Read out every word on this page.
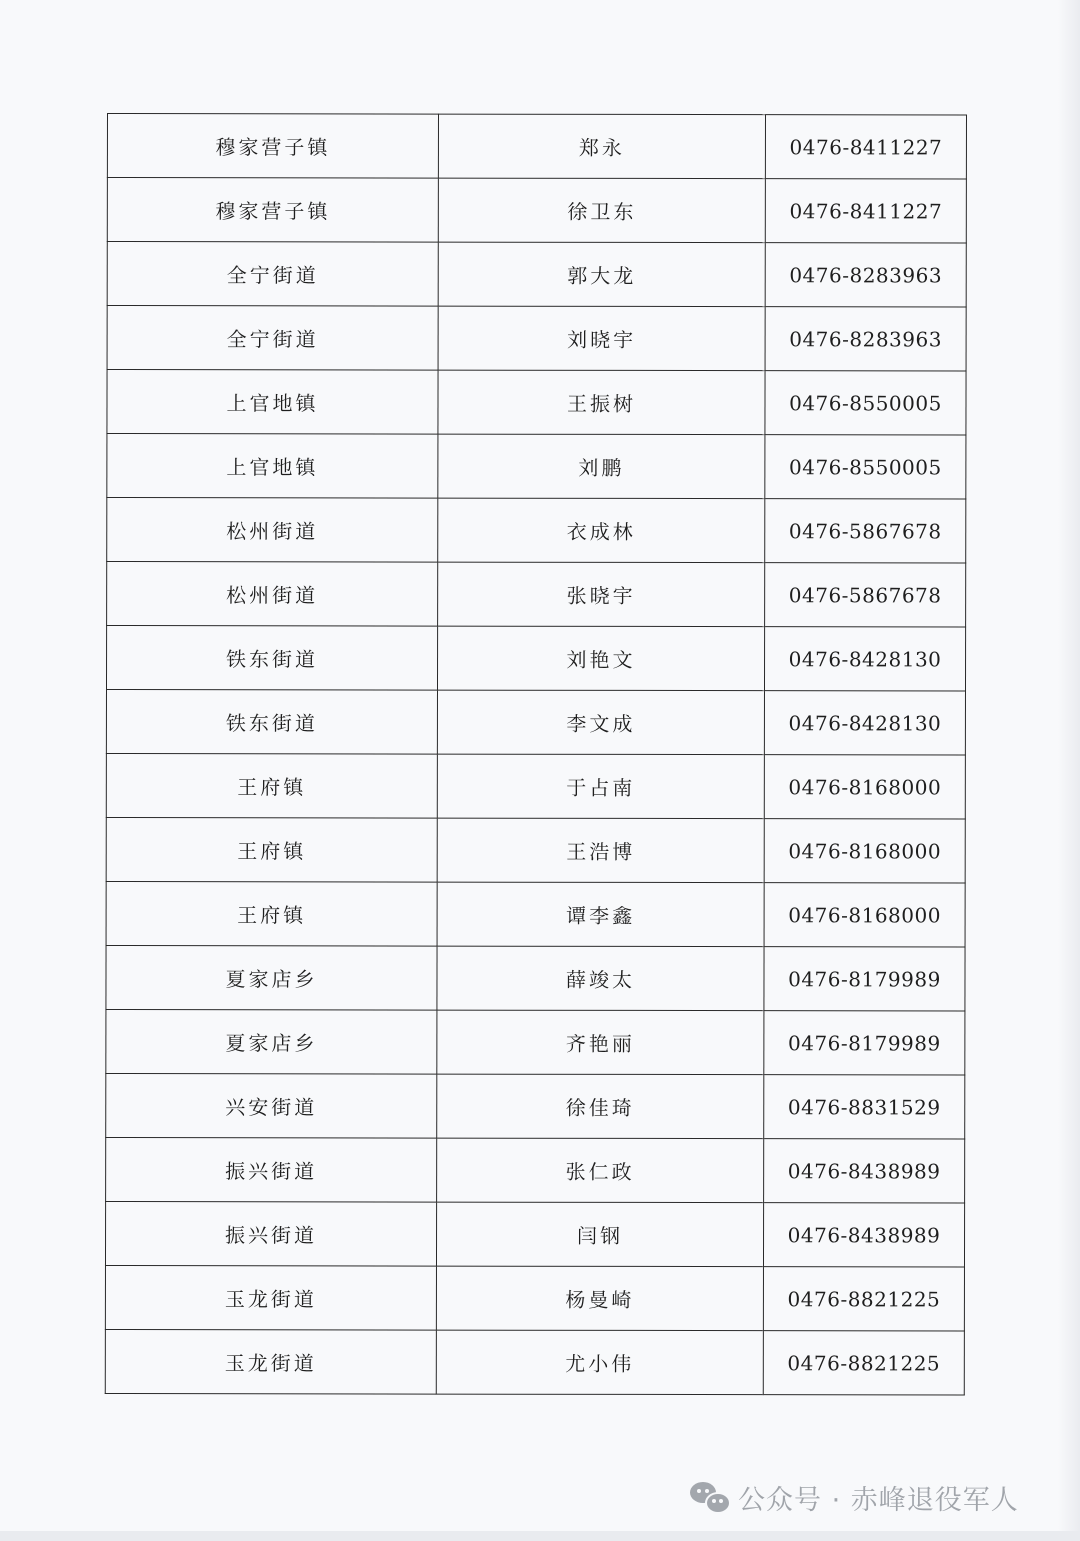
穆家营子镇	郑永	0476-8411227
穆家营子镇	徐卫东	0476-8411227
全宁街道	郭大龙	0476-8283963
全宁街道	刘晓宇	0476-8283963
上官地镇	王振树	0476-8550005
上官地镇	刘鹏	0476-8550005
松州街道	衣成林	0476-5867678
松州街道	张晓宇	0476-5867678
铁东街道	刘艳文	0476-8428130
铁东街道	李文成	0476-8428130
王府镇	于占南	0476-8168000
王府镇	王浩博	0476-8168000
王府镇	谭李鑫	0476-8168000
夏家店乡	薛竣太	0476-8179989
夏家店乡	齐艳丽	0476-8179989
兴安街道	徐佳琦	0476-8831529
振兴街道	张仁政	0476-8438989
振兴街道	闫钢	0476-8438989
玉龙街道	杨曼崎	0476-8821225
玉龙街道	尤小伟	0476-8821225
公众号 · 赤峰退役军人
